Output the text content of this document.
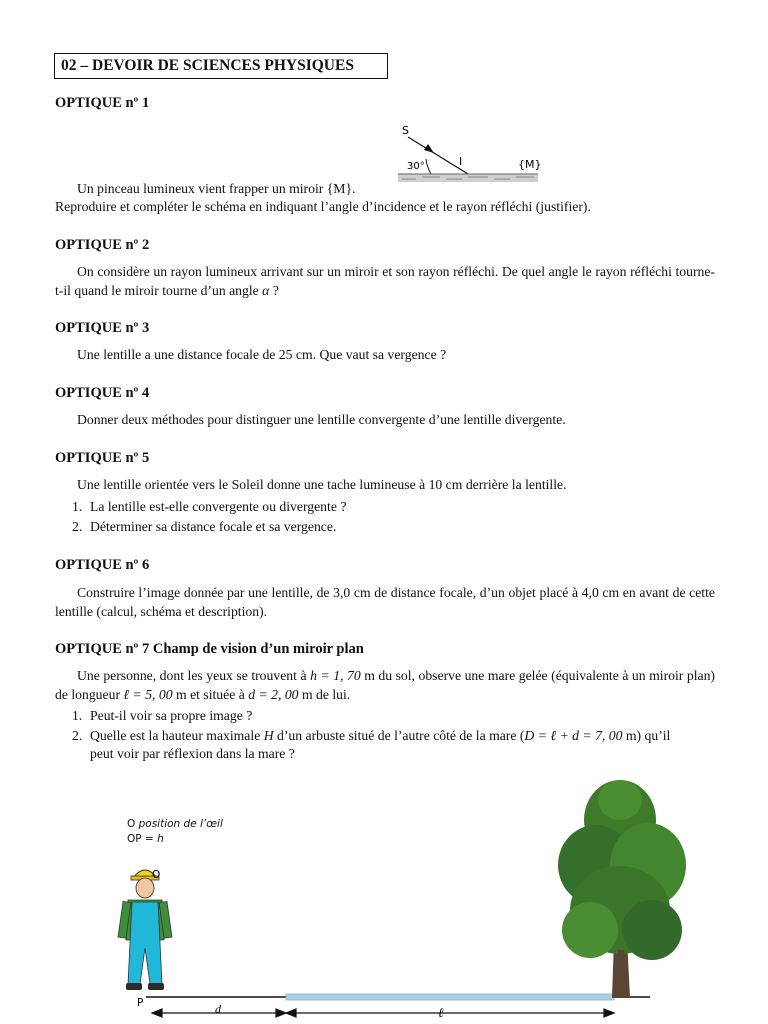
02 – DEVOIR DE SCIENCES PHYSIQUES
OPTIQUE nº 1
S
30°	I	{M}
Un pinceau lumineux vient frapper un miroir {M}.
Reproduire et compléter le schéma en indiquant l’angle d’incidence et le rayon réfléchi (justifier).
OPTIQUE nº 2
On considère un rayon lumineux arrivant sur un miroir et son rayon réfléchi. De quel angle le rayon réfléchi tourne-t-il quand le miroir tourne d’un angle α ?
OPTIQUE nº 3
Une lentille a une distance focale de 25 cm. Que vaut sa vergence ?
OPTIQUE nº 4
Donner deux méthodes pour distinguer une lentille convergente d’une lentille divergente.
OPTIQUE nº 5
Une lentille orientée vers le Soleil donne une tache lumineuse à 10 cm derrière la lentille.
1. La lentille est-elle convergente ou divergente ?
2. Déterminer sa distance focale et sa vergence.
OPTIQUE nº 6
Construire l’image donnée par une lentille, de 3,0 cm de distance focale, d’un objet placé à 4,0 cm en avant de cette lentille (calcul, schéma et description).
OPTIQUE nº 7 Champ de vision d’un miroir plan
Une personne, dont les yeux se trouvent à h = 1, 70 m du sol, observe une mare gelée (équivalente à un miroir plan) de longueur ℓ = 5, 00 m et située à d = 2, 00 m de lui.
1. Peut-il voir sa propre image ?
2. Quelle est la hauteur maximale H d’un arbuste situé de l’autre côté de la mare (D = ℓ + d = 7, 00 m) qu’il
peut voir par réflexion dans la mare ?
O position de l’œil
OP = h
O
P	d	ℓ
